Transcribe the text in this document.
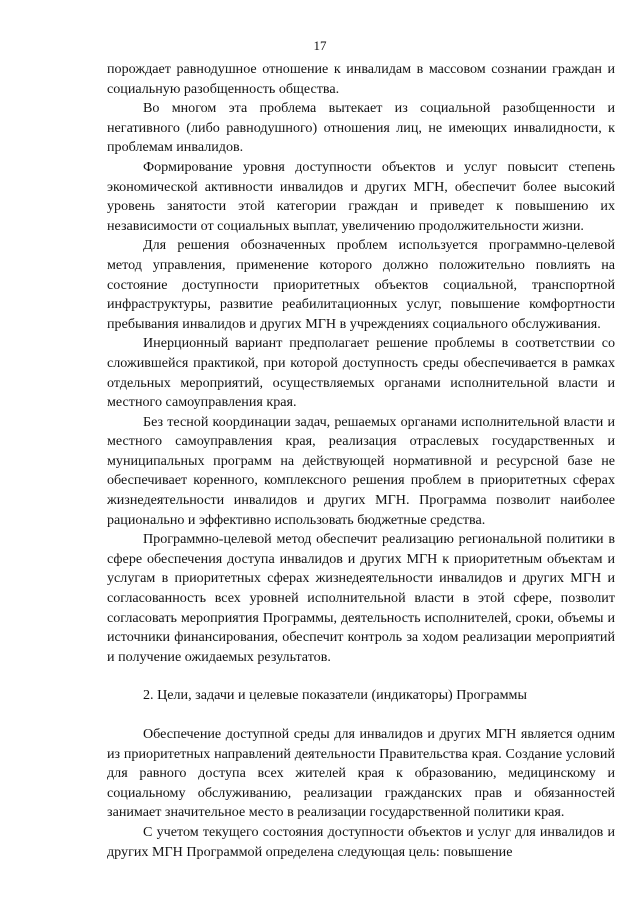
17

порождает равнодушное отношение к инвалидам в массовом сознании граждан и социальную разобщенность общества.

Во многом эта проблема вытекает из социальной разобщенности и негативного (либо равнодушного) отношения лиц, не имеющих инвалидности, к проблемам инвалидов.

Формирование уровня доступности объектов и услуг повысит степень экономической активности инвалидов и других МГН, обеспечит более высокий уровень занятости этой категории граждан и приведет к повышению их независимости от социальных выплат, увеличению продолжительности жизни.

Для решения обозначенных проблем используется программно-целевой метод управления, применение которого должно положительно повлиять на состояние доступности приоритетных объектов социальной, транспортной инфраструктуры, развитие реабилитационных услуг, повышение комфортности пребывания инвалидов и других МГН в учреждениях социального обслуживания.

Инерционный вариант предполагает решение проблемы в соответствии со сложившейся практикой, при которой доступность среды обеспечивается в рамках отдельных мероприятий, осуществляемых органами исполнительной власти и местного самоуправления края.

Без тесной координации задач, решаемых органами исполнительной власти и местного самоуправления края, реализация отраслевых государственных и муниципальных программ на действующей нормативной и ресурсной базе не обеспечивает коренного, комплексного решения проблем в приоритетных сферах жизнедеятельности инвалидов и других МГН. Программа позволит наиболее рационально и эффективно использовать бюджетные средства.

Программно-целевой метод обеспечит реализацию региональной политики в сфере обеспечения доступа инвалидов и других МГН к приоритетным объектам и услугам в приоритетных сферах жизнедеятельности инвалидов и других МГН и согласованность всех уровней исполнительной власти в этой сфере, позволит согласовать мероприятия Программы, деятельность исполнителей, сроки, объемы и источники финансирования, обеспечит контроль за ходом реализации мероприятий и получение ожидаемых результатов.

2. Цели, задачи и целевые показатели (индикаторы) Программы

Обеспечение доступной среды для инвалидов и других МГН является одним из приоритетных направлений деятельности Правительства края. Создание условий для равного доступа всех жителей края к образованию, медицинскому и социальному обслуживанию, реализации гражданских прав и обязанностей занимает значительное место в реализации государственной политики края.

С учетом текущего состояния доступности объектов и услуг для инвалидов и других МГН Программой определена следующая цель: повышение
